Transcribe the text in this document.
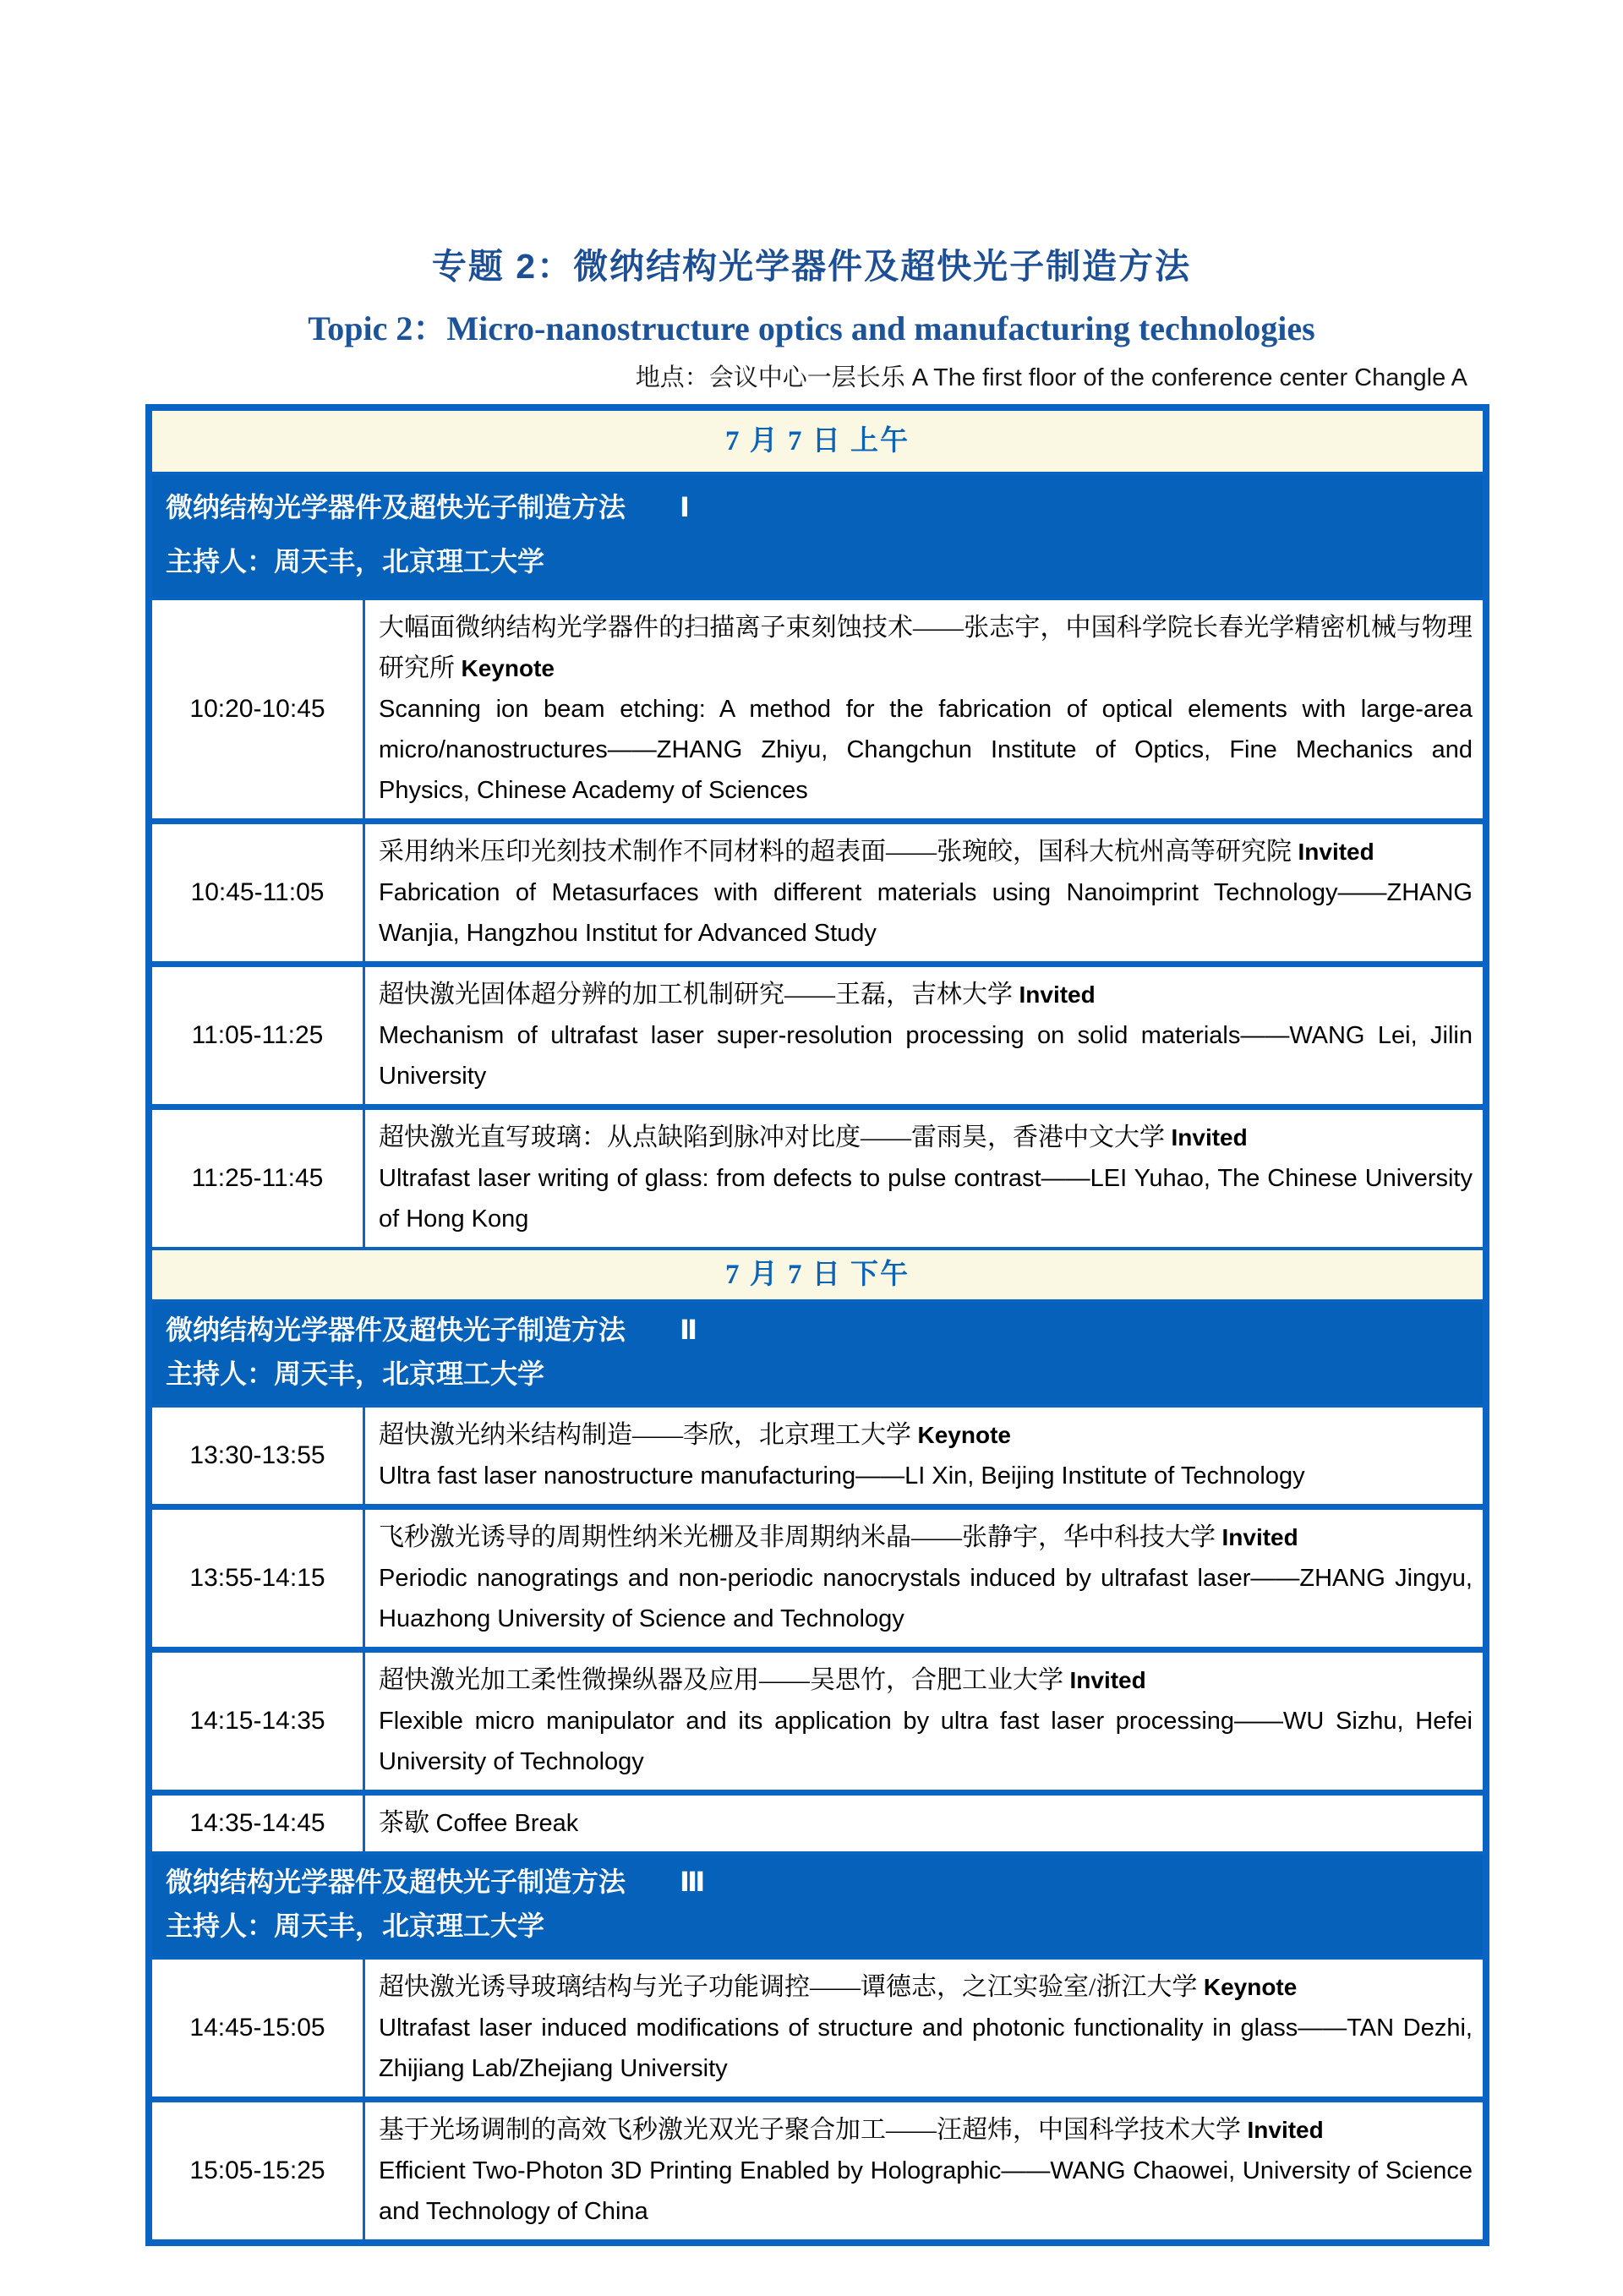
专题 2：微纳结构光学器件及超快光子制造方法
Topic 2：Micro-nanostructure optics and manufacturing technologies
地点：会议中心一层长乐 A The first floor of the conference center Changle A
7 月 7 日 上午
微纳结构光学器件及超快光子制造方法　　Ⅰ
主持人：周天丰，北京理工大学
10:20-10:45

大幅面微纳结构光学器件的扫描离子束刻蚀技术——张志宇，中国科学院长春光学精密机械与物理研究所 Keynote

Scanning ion beam etching: A method for the fabrication of optical elements with large-area micro/nanostructures——ZHANG Zhiyu, Changchun Institute of Optics, Fine Mechanics and Physics, Chinese Academy of Sciences

10:45-11:05

采用纳米压印光刻技术制作不同材料的超表面——张琬皎，国科大杭州高等研究院 Invited

Fabrication of Metasurfaces with different materials using Nanoimprint Technology——ZHANG Wanjia, Hangzhou Institut for Advanced Study

11:05-11:25

超快激光固体超分辨的加工机制研究——王磊，吉林大学 Invited

Mechanism of ultrafast laser super-resolution processing on solid materials——WANG Lei, Jilin University

11:25-11:45

超快激光直写玻璃：从点缺陷到脉冲对比度——雷雨昊，香港中文大学 Invited

Ultrafast laser writing of glass: from defects to pulse contrast——LEI Yuhao, The Chinese University of Hong Kong

7 月 7 日 下午
微纳结构光学器件及超快光子制造方法　　Ⅱ
主持人：周天丰，北京理工大学
13:30-13:55

超快激光纳米结构制造——李欣，北京理工大学 Keynote

Ultra fast laser nanostructure manufacturing——LI Xin, Beijing Institute of Technology

13:55-14:15

飞秒激光诱导的周期性纳米光栅及非周期纳米晶——张静宇，华中科技大学 Invited

Periodic nanogratings and non-periodic nanocrystals induced by ultrafast laser——ZHANG Jingyu, Huazhong University of Science and Technology

14:15-14:35

超快激光加工柔性微操纵器及应用——吴思竹，合肥工业大学 Invited

Flexible micro manipulator and its application by ultra fast laser processing——WU Sizhu, Hefei University of Technology

14:35-14:45	茶歇 Coffee Break

微纳结构光学器件及超快光子制造方法　　Ⅲ
主持人：周天丰，北京理工大学
14:45-15:05

超快激光诱导玻璃结构与光子功能调控——谭德志，之江实验室/浙江大学 Keynote

Ultrafast laser induced modifications of structure and photonic functionality in glass——TAN Dezhi, Zhijiang Lab/Zhejiang University

15:05-15:25

基于光场调制的高效飞秒激光双光子聚合加工——汪超炜，中国科学技术大学 Invited

Efficient Two-Photon 3D Printing Enabled by Holographic——WANG Chaowei, University of Science and Technology of China
